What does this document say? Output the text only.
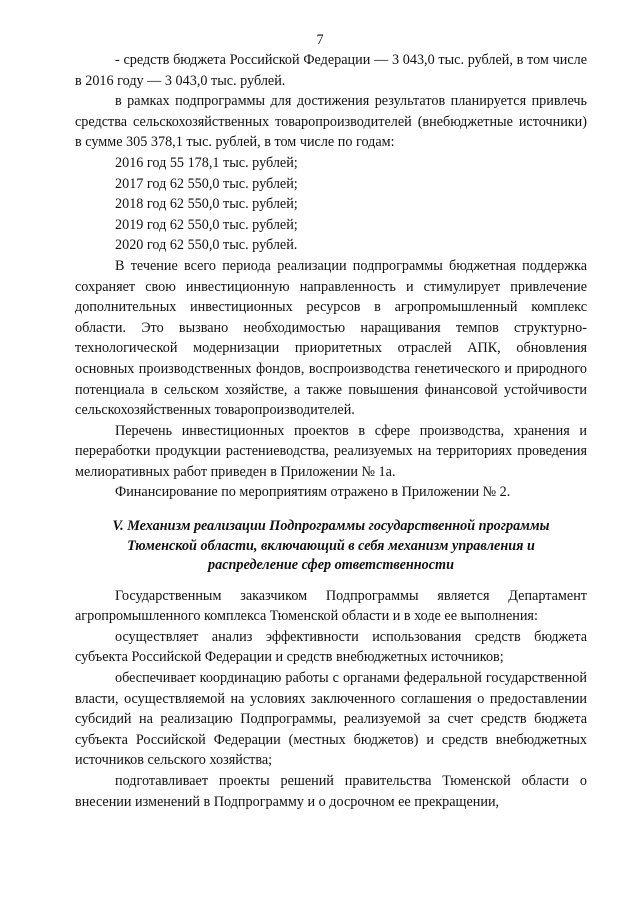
7

- средств бюджета Российской Федерации — 3 043,0 тыс. рублей, в том числе в 2016 году — 3 043,0 тыс. рублей.

в рамках подпрограммы для достижения результатов планируется привлечь средства сельскохозяйственных товаропроизводителей (внебюджетные источники) в сумме 305 378,1 тыс. рублей, в том числе по годам:

2016 год 55 178,1 тыс. рублей;

2017 год 62 550,0 тыс. рублей;

2018 год 62 550,0 тыс. рублей;

2019 год 62 550,0 тыс. рублей;

2020 год 62 550,0 тыс. рублей.

В течение всего периода реализации подпрограммы бюджетная поддержка сохраняет свою инвестиционную направленность и стимулирует привлечение дополнительных инвестиционных ресурсов в агропромышленный комплекс области. Это вызвано необходимостью наращивания темпов структурно-технологической модернизации приоритетных отраслей АПК, обновления основных производственных фондов, воспроизводства генетического и природного потенциала в сельском хозяйстве, а также повышения финансовой устойчивости сельскохозяйственных товаропроизводителей.

Перечень инвестиционных проектов в сфере производства, хранения и переработки продукции растениеводства, реализуемых на территориях проведения мелиоративных работ приведен в Приложении № 1а.

Финансирование по мероприятиям отражено в Приложении № 2.

V. Механизм реализации Подпрограммы государственной программы Тюменской области, включающий в себя механизм управления и распределение сфер ответственности

Государственным заказчиком Подпрограммы является Департамент агропромышленного комплекса Тюменской области и в ходе ее выполнения:

осуществляет анализ эффективности использования средств бюджета субъекта Российской Федерации и средств внебюджетных источников;

обеспечивает координацию работы с органами федеральной государственной власти, осуществляемой на условиях заключенного соглашения о предоставлении субсидий на реализацию Подпрограммы, реализуемой за счет средств бюджета субъекта Российской Федерации (местных бюджетов) и средств внебюджетных источников сельского хозяйства;

подготавливает проекты решений правительства Тюменской области о внесении изменений в Подпрограмму и о досрочном ее прекращении,
